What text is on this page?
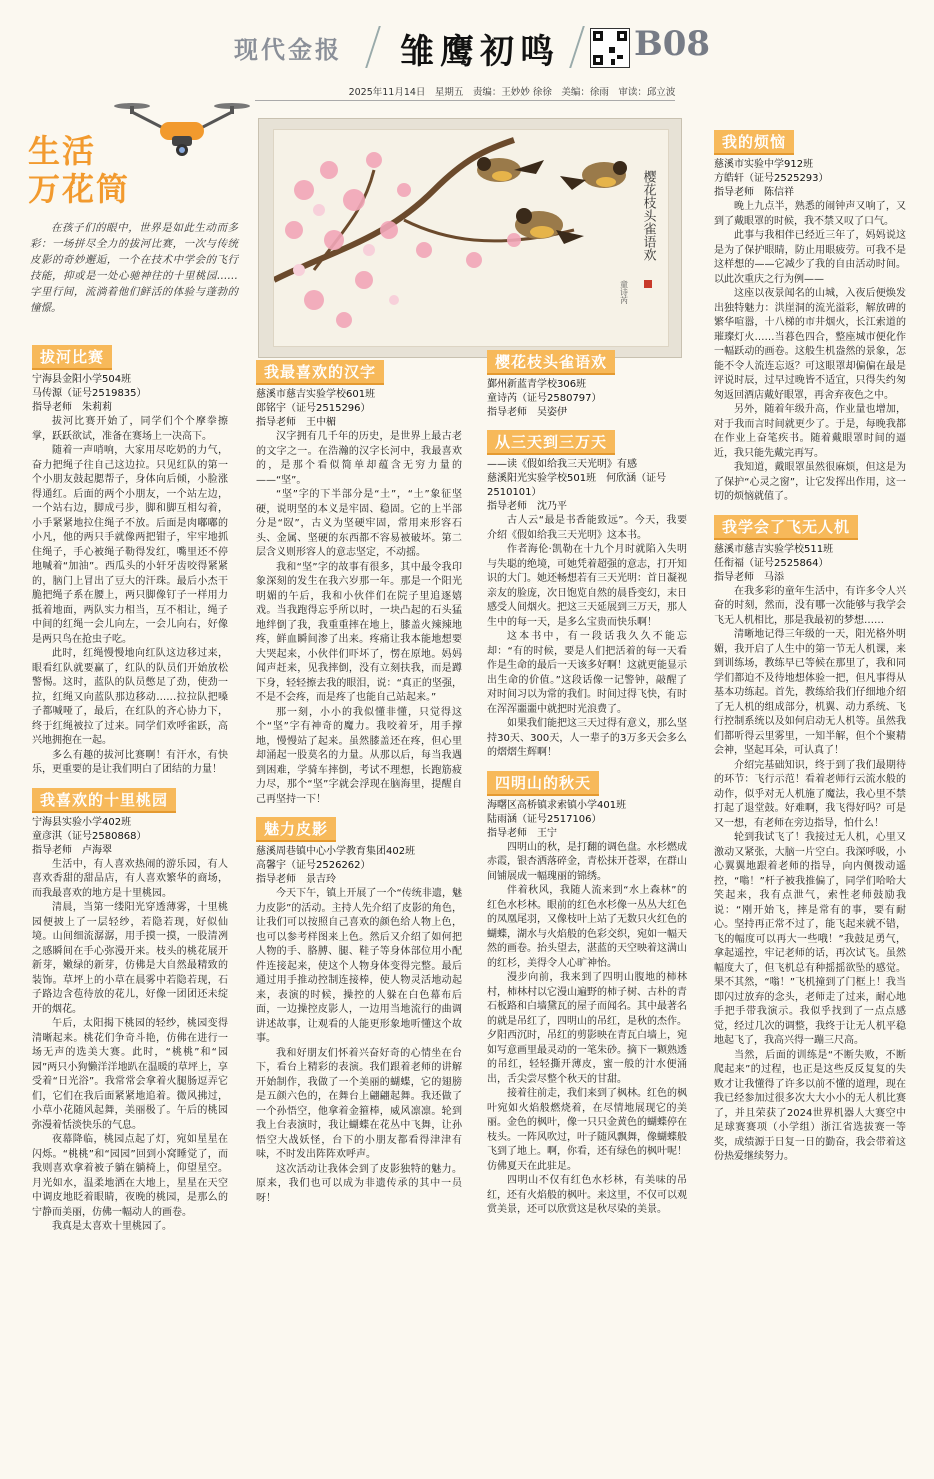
现代金报 雏鹰初鸣 B08
2025年11月14日　星期五　责编：王妙妙 徐徐　美编：徐雨　审读：邱立波
生活
万花筒
在孩子们的眼中，世界是如此生动而多彩：一场拼尽全力的拔河比赛，一次与传统皮影的奇妙邂逅，一个在技术中学会的飞行技能，抑或是一处心驰神往的十里桃园……字里行间，流淌着他们鲜活的体验与蓬勃的憧憬。
樱花枝头雀语欢
童诗芮
拔河比赛
宁海县金阳小学504班
马传源（证号2519835）
指导老师　朱莉莉

拔河比赛开始了，同学们个个摩拳擦掌，跃跃欲试，准备在赛场上一决高下。

随着一声哨响，大家用尽吃奶的力气，奋力把绳子往自己这边拉。只见红队的第一个小朋友鼓起腮帮子，身体向后倾，小脸涨得通红。后面的两个小朋友，一个站左边，一个站右边，脚成弓步，脚和脚互相勾着，小手紧紧地拉住绳子不放。后面是肉嘟嘟的小凡，他的两只手就像两把钳子，牢牢地抓住绳子，手心被绳子勒得发红，嘴里还不停地喊着“加油”。西瓜头的小轩牙齿咬得紧紧的，脑门上冒出了豆大的汗珠。最后小杰干脆把绳子系在腰上，两只脚像钉子一样用力抵着地面，两队实力相当，互不相让，绳子中间的红绳一会儿向左，一会儿向右，好像是两只鸟在抢虫子吃。

此时，红绳慢慢地向红队这边移过来，眼看红队就要赢了，红队的队员们开始放松警惕。这时，蓝队的队员憋足了劲，使劲一拉，红绳又向蓝队那边移动……拉拉队把嗓子都喊哑了，最后，在红队的齐心协力下，终于红绳被拉了过来。同学们欢呼雀跃，高兴地拥抱在一起。

多么有趣的拔河比赛啊！有汗水，有快乐，更重要的是让我们明白了团结的力量！

我喜欢的十里桃园
宁海县实验小学402班
童彦淇（证号2580868）
指导老师　卢海翠

生活中，有人喜欢热闹的游乐园，有人喜欢香甜的甜品店，有人喜欢繁华的商场，而我最喜欢的地方是十里桃园。

清晨，当第一缕阳光穿透薄雾，十里桃园便披上了一层轻纱，若隐若现，好似仙境。山间细流潺潺，用手摸一摸，一股清冽之感瞬间在手心弥漫开来。枝头的桃花展开新芽，嫩绿的新芽，仿佛是大自然最精致的装饰。草坪上的小草在晨雾中若隐若现，石子路边含苞待放的花儿，好像一团团还未绽开的烟花。

午后，太阳揭下桃园的轻纱，桃园变得清晰起来。桃花们争奇斗艳，仿佛在进行一场无声的选美大赛。此时，“桃桃”和“园园”两只小狗懒洋洋地趴在温暖的草坪上，享受着“日光浴”。我常常会拿着火腿肠逗弄它们，它们在我后面紧紧地追着。微风拂过，小草小花随风起舞，美丽极了。午后的桃园弥漫着恬淡快乐的气息。

夜幕降临，桃园点起了灯，宛如星星在闪烁。“桃桃”和“园园”回到小窝睡觉了，而我则喜欢拿着被子躺在躺椅上，仰望星空。月光如水，温柔地洒在大地上，星星在天空中调皮地眨着眼睛，夜晚的桃园，是那么的宁静而美丽，仿佛一幅动人的画卷。

我真是太喜欢十里桃园了。

我最喜欢的汉字
慈溪市慈吉实验学校601班
郎铭宇（证号2515296）
指导老师　王中楣

汉字拥有几千年的历史，是世界上最古老的文字之一。在浩瀚的汉字长河中，我最喜欢的，是那个看似简单却蕴含无穷力量的——“坚”。

“坚”字的下半部分是“土”，“土”象征坚硬，说明坚的本义是牢固、稳固。它的上半部分是“臤”，古义为坚硬牢固，常用来形容石头、金属、坚硬的东西都不容易被破坏。第二层含义则形容人的意志坚定，不动摇。

我和“坚”字的故事有很多，其中最令我印象深刻的发生在我六岁那一年。那是一个阳光明媚的午后，我和小伙伴们在院子里追逐嬉戏。当我跑得忘乎所以时，一块凸起的石头猛地绊倒了我，我重重摔在地上，膝盖火辣辣地疼，鲜血瞬间渗了出来。疼痛让我本能地想要大哭起来，小伙伴们吓坏了，愣在原地。妈妈闻声赶来，见我摔倒，没有立刻扶我，而是蹲下身，轻轻擦去我的眼泪，说：“真正的坚强，不是不会疼，而是疼了也能自己站起来。”

那一刻，小小的我似懂非懂，只觉得这个“坚”字有神奇的魔力。我咬着牙，用手撑地，慢慢站了起来。虽然膝盖还在疼，但心里却涌起一股莫名的力量。从那以后，每当我遇到困难，学骑车摔倒，考试不理想，长跑筋疲力尽，那个“坚”字就会浮现在脑海里，提醒自己再坚持一下！

魅力皮影
慈溪周巷镇中心小学教育集团402班
高馨宇（证号2526262）
指导老师　景吉玲

今天下午，镇上开展了一个“传统非遗，魅力皮影”的活动。主持人先介绍了皮影的角色，让我们可以按照自己喜欢的颜色给人物上色，也可以参考样图来上色。然后又介绍了如何把人物的手、胳膊、腿、鞋子等身体部位用小配件连接起来，使这个人物身体变得完整。最后通过用手推动控制连接棒，使人物灵活地动起来，表演的时候，操控的人躲在白色幕布后面，一边操控皮影人，一边用当地流行的曲调讲述故事，让观看的人能更形象地听懂这个故事。

我和好朋友们怀着兴奋好奇的心情坐在台下，看台上精彩的表演。我们跟着老师的讲解开始制作，我做了一个美丽的蝴蝶，它的翅膀是五颜六色的，在舞台上翩翩起舞。我还做了一个孙悟空，他拿着金箍棒，威风凛凛。轮到我上台表演时，我让蝴蝶在花丛中飞舞，让孙悟空大战妖怪，台下的小朋友都看得津津有味，不时发出阵阵欢呼声。

这次活动让我体会到了皮影独特的魅力。原来，我们也可以成为非遗传承的其中一员呀！

樱花枝头雀语欢
鄞州新蓝青学校306班
童诗芮（证号2580797）
指导老师　吴姿伊
从三天到三万天
——读《假如给我三天光明》有感
慈溪阳光实验学校501班　何欣涵（证号2510101）
指导老师　沈乃平

古人云“最是书香能致远”。今天，我要介绍《假如给我三天光明》这本书。

作者海伦·凯勒在十九个月时就陷入失明与失聪的绝境，可她凭着超强的意志，打开知识的大门。她还畅想若有三天光明：首日凝视亲友的脸庞，次日饱览自然的晨昏变幻，末日感受人间烟火。把这三天延展到三万天，那人生中的每一天，是多么宝贵而快乐啊！

这本书中，有一段话我久久不能忘却：“有的时候，要是人们把活着的每一天看作是生命的最后一天该多好啊！这就更能显示出生命的价值。”这段话像一记警钟，敲醒了对时间习以为常的我们。时间过得飞快，有时在浑浑噩噩中就把时光浪费了。

如果我们能把这三天过得有意义，那么坚持30天、300天，人一辈子的3万多天会多么的熠熠生辉啊！

四明山的秋天
海曙区高桥镇求索镇小学401班
陆雨涵（证号2517106）
指导老师　王宁

四明山的秋，是打翻的调色盘。水杉燃成赤霞，银杏洒落碎金，青松抹开苍翠，在群山间铺展成一幅瑰丽的锦绣。

伴着秋风，我随人流来到“水上森林”的红色水杉林。眼前的红色水杉像一丛丛大红色的凤凰尾羽，又像枝叶上站了无数只火红色的蝴蝶，湖水与火焰般的色彩交织，宛如一幅天然的画卷。抬头望去，湛蓝的天空映着这满山的红杉，美得令人心旷神怡。

漫步向前，我来到了四明山腹地的柿林村，柿林村以它漫山遍野的柿子树、古朴的青石板路和白墙黛瓦的屋子而闻名。其中最著名的就是吊红了，四明山的吊红，是秋的杰作。夕阳西沉时，吊红的剪影映在青瓦白墙上，宛如写意画里最灵动的一笔朱砂。摘下一颗熟透的吊红，轻轻撕开薄皮，蜜一般的汁水便涌出，舌尖尝尽整个秋天的甘甜。

接着往前走，我们来到了枫林。红色的枫叶宛如火焰般燃烧着，在尽情地展现它的美丽。金色的枫叶，像一只只金黄色的蝴蝶停在枝头。一阵风吹过，叶子随风飘舞，像蝴蝶般飞到了地上。啊，你看，还有绿色的枫叶呢！仿佛夏天在此驻足。

四明山不仅有红色水杉林，有美味的吊红，还有火焰般的枫叶。来这里，不仅可以观赏美景，还可以欣赏这是秋尽染的美景。

我的烦恼
慈溪市实验中学912班
方皓轩（证号2525293）
指导老师　陈信祥

晚上九点半，熟悉的闹钟声又响了，又到了戴眼罩的时候，我不禁又叹了口气。

此事与我相伴已经近三年了，妈妈说这是为了保护眼睛，防止用眼疲劳。可我不是这样想的——它减少了我的自由活动时间。以此次重庆之行为例——

这座以夜景闻名的山城，入夜后便焕发出独特魅力：洪崖洞的流光溢彩，解放碑的繁华喧嚣，十八梯的市井烟火，长江索道的璀璨灯火……当暮色四合，整座城市便化作一幅跃动的画卷。这般生机盎然的景象，怎能不令人流连忘返？可这眼罩却偏偏在最是评说时辰，过早过晚皆不适宜，只得失约匆匆返回酒店戴好眼罩，再舍弃夜色之中。

另外，随着年级升高，作业量也增加，对于我而言时间就更少了。于是，每晚我都在作业上奋笔疾书。随着戴眼罩时间的逼近，我只能先戴完再写。

我知道，戴眼罩虽然很麻烦，但这是为了保护“心灵之窗”，让它发挥出作用，这一切的烦恼就值了。

我学会了飞无人机
慈溪市慈吉实验学校511班
任衔福（证号2525864）
指导老师　马添

在我多彩的童年生活中，有许多令人兴奋的时刻，然而，没有哪一次能够与我学会飞无人机相比，那是我最初的梦想……

清晰地记得三年级的一天，阳光格外明媚，我开启了人生中的第一节无人机课，来到训练场，教练早已等候在那里了，我和同学们都迫不及待地想体验一把，但凡事得从基本功练起。首先，教练给我们仔细地介绍了无人机的组成部分，机翼、动力系统、飞行控制系统以及如何启动无人机等。虽然我们都听得云里雾里，一知半解，但个个聚精会神，坚起耳朵，可认真了！

介绍完基础知识，终于到了我们最期待的环节：飞行示范！看着老师行云流水般的动作，似乎对无人机施了魔法，我心里不禁打起了退堂鼓。好难啊，我飞得好吗？可是又一想，有老师在旁边指导，怕什么！

轮到我试飞了！我接过无人机，心里又激动又紧张，大脑一片空白。我深呼吸，小心翼翼地跟着老师的指导，向内侧拨动遥控，“嗡！”杆子被我推偏了，同学们哈哈大笑起来，我有点泄气，索性老师鼓励我说：“刚开始飞，摔是常有的事，要有耐心。坚持再正常不过了，能飞起来就不错，飞的幅度可以再大一些哦！”我鼓足勇气，拿起遥控，牢记老师的话，再次试飞。虽然幅度大了，但飞机总有种摇摇欲坠的感觉。果不其然，“嗡！”飞机撞到了门框上！我当即闪过放弃的念头，老师走了过来，耐心地手把手带我演示。我似乎找到了一点点感觉，经过几次的调整，我终于让无人机平稳地起飞了，我高兴得一蹦三尺高。

当然，后面的训练是“不断失败，不断爬起来”的过程，也正是这些反反复复的失败才让我懂得了许多以前不懂的道理，现在我已经参加过很多次大大小小的无人机比赛了，并且荣获了2024世界机器人大赛空中足球赛赛项（小学组）浙江省选拔赛一等奖，成绩源于日复一日的勤奋，我会带着这份热爱继续努力。
